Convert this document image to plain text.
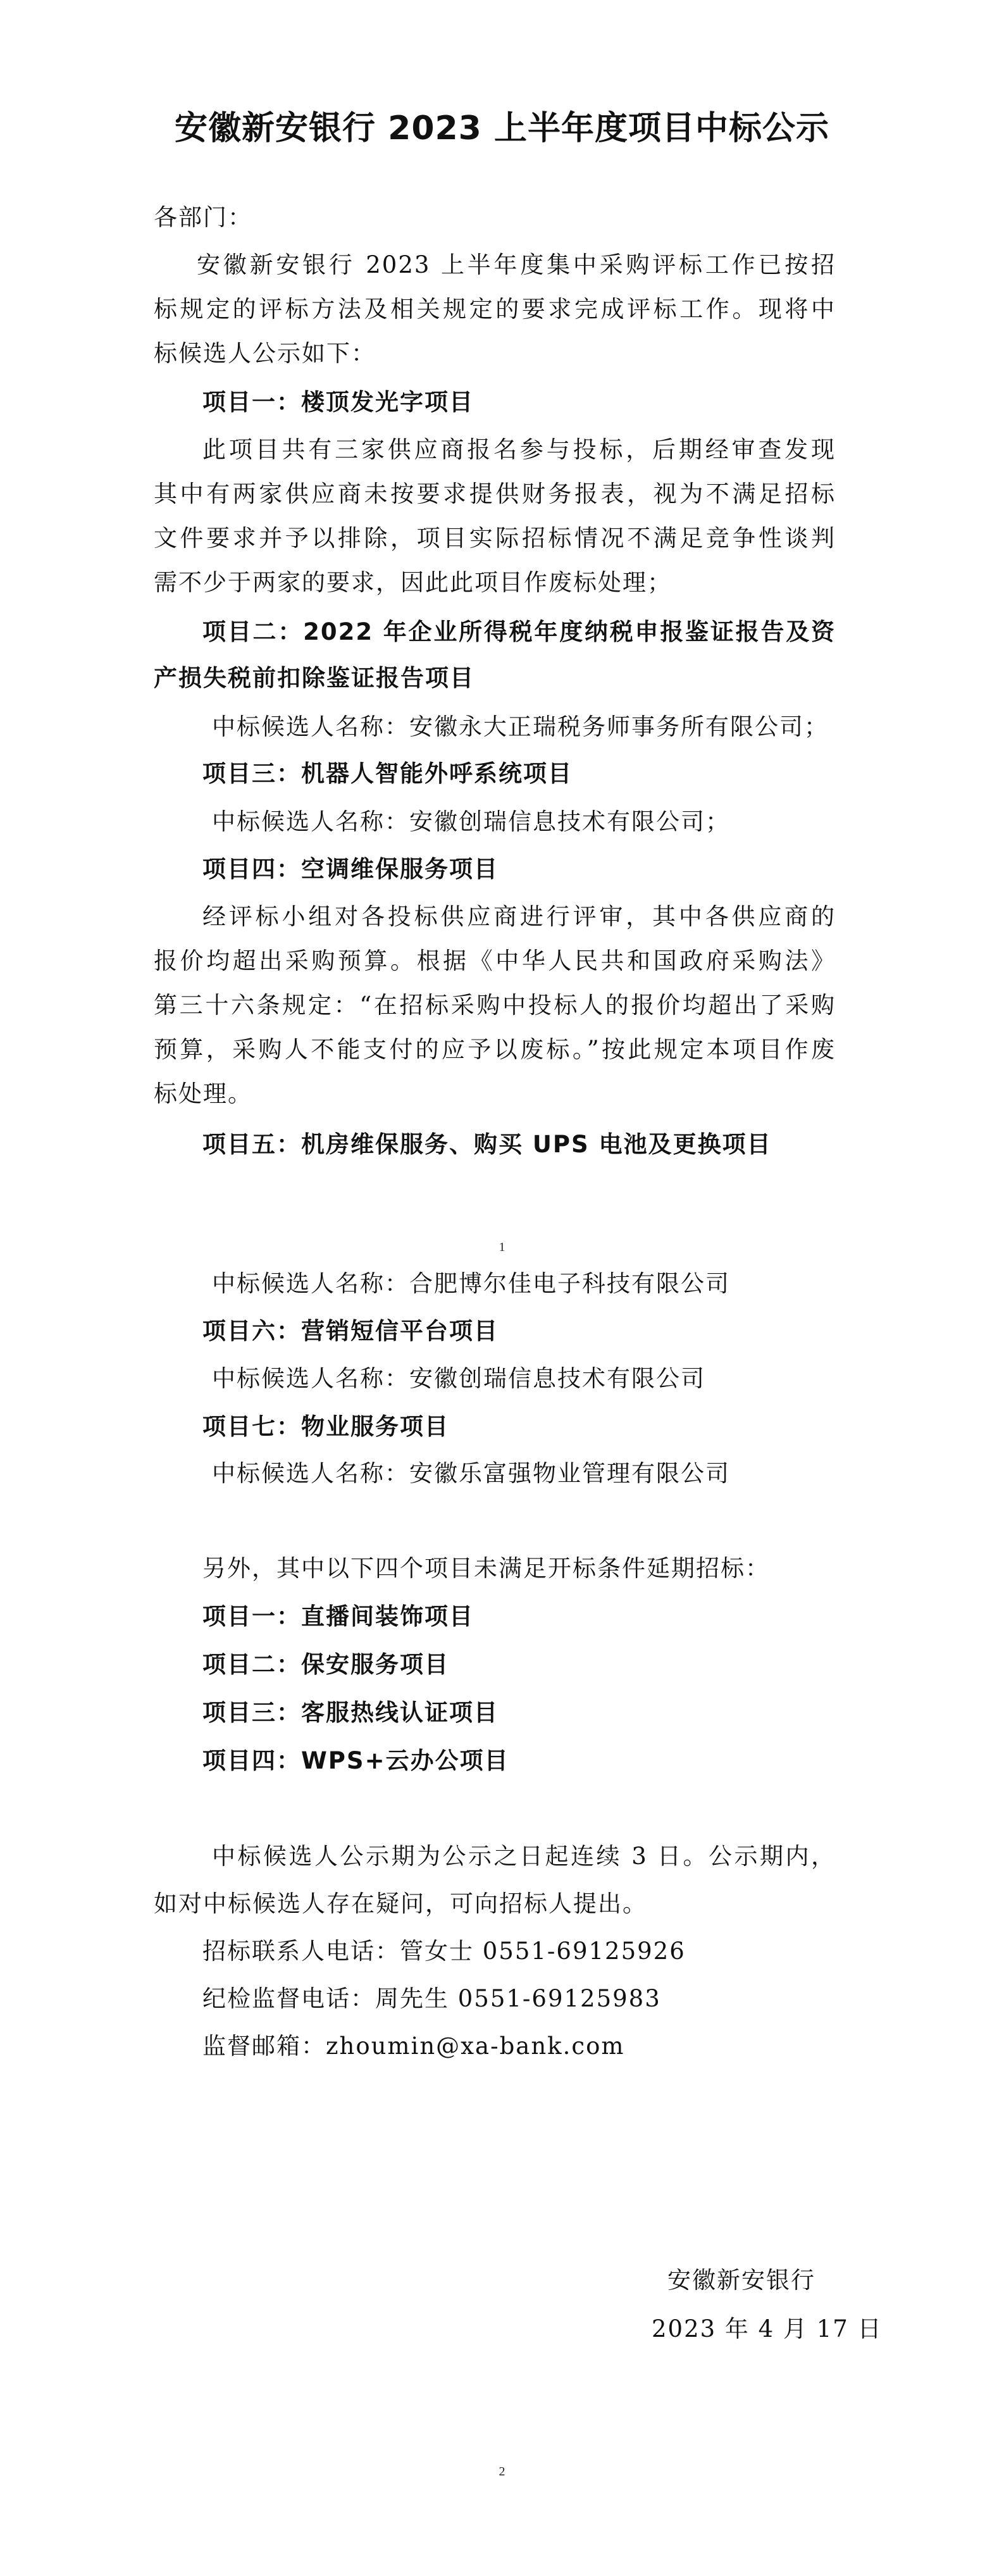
安徽新安银行 2023 上半年度项目中标公示
各部门：
安徽新安银行 2023 上半年度集中采购评标工作已按招
标规定的评标方法及相关规定的要求完成评标工作。现将中
标候选人公示如下：
项目一：楼顶发光字项目
此项目共有三家供应商报名参与投标，后期经审查发现
其中有两家供应商未按要求提供财务报表，视为不满足招标
文件要求并予以排除，项目实际招标情况不满足竞争性谈判
需不少于两家的要求，因此此项目作废标处理；
项目二：2022 年企业所得税年度纳税申报鉴证报告及资
产损失税前扣除鉴证报告项目
中标候选人名称：安徽永大正瑞税务师事务所有限公司；
项目三：机器人智能外呼系统项目
中标候选人名称：安徽创瑞信息技术有限公司；
项目四：空调维保服务项目
经评标小组对各投标供应商进行评审，其中各供应商的
报价均超出采购预算。根据《中华人民共和国政府采购法》
第三十六条规定：“在招标采购中投标人的报价均超出了采购
预算，采购人不能支付的应予以废标。”按此规定本项目作废
标处理。
项目五：机房维保服务、购买 UPS 电池及更换项目
1
中标候选人名称：合肥博尔佳电子科技有限公司
项目六：营销短信平台项目
中标候选人名称：安徽创瑞信息技术有限公司
项目七：物业服务项目
中标候选人名称：安徽乐富强物业管理有限公司
另外，其中以下四个项目未满足开标条件延期招标：
项目一：直播间装饰项目
项目二：保安服务项目
项目三：客服热线认证项目
项目四：WPS+云办公项目
中标候选人公示期为公示之日起连续 3 日。公示期内，
如对中标候选人存在疑问，可向招标人提出。
招标联系人电话：管女士 0551-69125926
纪检监督电话：周先生 0551-69125983
监督邮箱：zhoumin@xa-bank.com
安徽新安银行
2023 年 4 月 17 日
2
